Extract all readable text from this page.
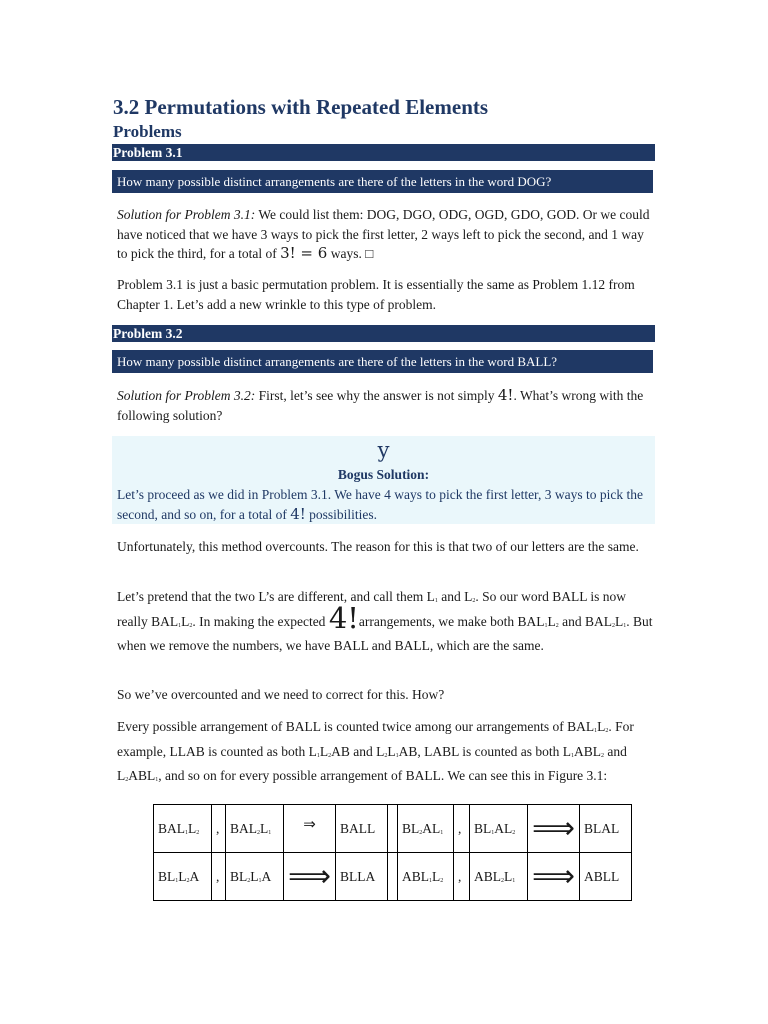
3.2 Permutations with Repeated Elements
Problems
Problem 3.1
How many possible distinct arrangements are there of the letters in the word DOG?

Solution for Problem 3.1: We could list them: DOG, DGO, ODG, OGD, GDO, GOD. Or we could have noticed that we have 3 ways to pick the first letter, 2 ways left to pick the second, and 1 way to pick the third, for a total of 3! = 6 ways. □

Problem 3.1 is just a basic permutation problem. It is essentially the same as Problem 1.12 from Chapter 1. Let’s add a new wrinkle to this type of problem.

Problem 3.2
How many possible distinct arrangements are there of the letters in the word BALL?

Solution for Problem 3.2: First, let’s see why the answer is not simply 4!. What’s wrong with the following solution?

y
Bogus Solution:

Let’s proceed as we did in Problem 3.1. We have 4 ways to pick the first letter, 3 ways to pick the second, and so on, for a total of 4! possibilities.

Unfortunately, this method overcounts. The reason for this is that two of our letters are the same.

Let’s pretend that the two L’s are different, and call them $L_1$ and $L_2$. So our word BALL is now really $BAL_1L_2$. In making the expected 4!arrangements, we make both $BAL_1L_2$ and $BAL_2L_1$. But when we remove the numbers, we have BALL and BALL, which are the same.

So we’ve overcounted and we need to correct for this. How?

Every possible arrangement of BALL is counted twice among our arrangements of $BAL_1L_2$. For example, LLAB is counted as both $L_1L_2AB$ and $L_2L_1AB$, LABL is counted as both $L_1ABL_2$ and $L_2ABL_1$, and so on for every possible arrangement of BALL. We can see this in Figure 3.1:

$BAL_1L_2$	,	$BAL_2L_1$	⇒	BALL		$BL_2AL_1$	,	$BL_1AL_2$	⟹	BLAL
$BL_1L_2A$	,	$BL_2L_1A$	⟹	BLLA		$ABL_1L_2$	,	$ABL_2L_1$	⟹	ABLL
